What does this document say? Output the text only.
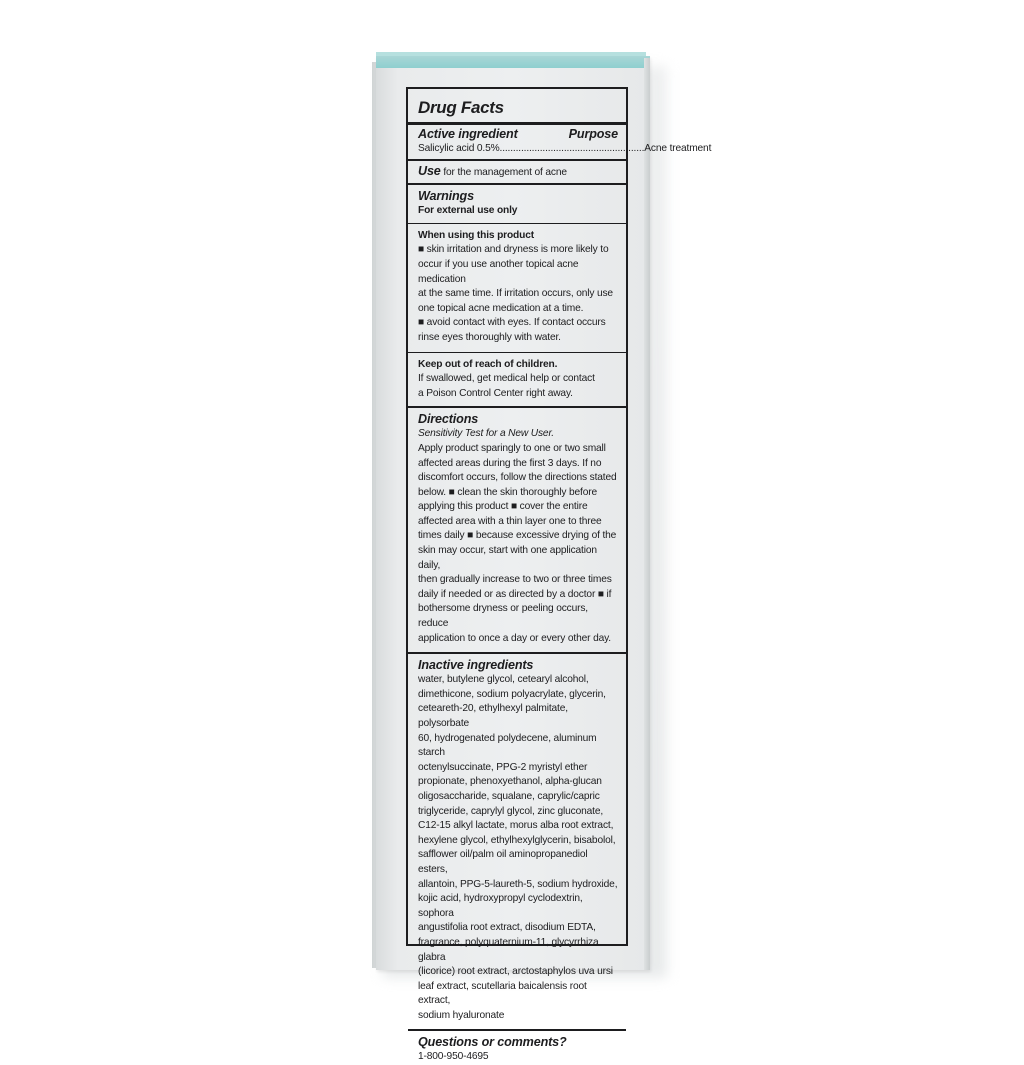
Drug Facts
Active ingredient	Purpose
Salicylic acid 0.5% ...................................................... Acne treatment
Use for the management of acne
Warnings

For external use only

When using this product

■ skin irritation and dryness is more likely to

occur if you use another topical acne medication

at the same time. If irritation occurs, only use

one topical acne medication at a time.

■ avoid contact with eyes. If contact occurs

rinse eyes thoroughly with water.

Keep out of reach of children.

If swallowed, get medical help or contact

a Poison Control Center right away.

Directions

Sensitivity Test for a New User.

Apply product sparingly to one or two small

affected areas during the first 3 days. If no

discomfort occurs, follow the directions stated

below. ■ clean the skin thoroughly before

applying this product ■ cover the entire

affected area with a thin layer one to three

times daily ■ because excessive drying of the

skin may occur, start with one application daily,

then gradually increase to two or three times

daily if needed or as directed by a doctor ■ if

bothersome dryness or peeling occurs, reduce

application to once a day or every other day.

Inactive ingredients

water, butylene glycol, cetearyl alcohol,

dimethicone, sodium polyacrylate, glycerin,

ceteareth-20, ethylhexyl palmitate, polysorbate

60, hydrogenated polydecene, aluminum starch

octenylsuccinate, PPG-2 myristyl ether

propionate, phenoxyethanol, alpha-glucan

oligosaccharide, squalane, caprylic/capric

triglyceride, caprylyl glycol, zinc gluconate,

C12-15 alkyl lactate, morus alba root extract,

hexylene glycol, ethylhexylglycerin, bisabolol,

safflower oil/palm oil aminopropanediol esters,

allantoin, PPG-5-laureth-5, sodium hydroxide,

kojic acid, hydroxypropyl cyclodextrin, sophora

angustifolia root extract, disodium EDTA,

fragrance, polyquaternium-11, glycyrrhiza glabra

(licorice) root extract, arctostaphylos uva ursi

leaf extract, scutellaria baicalensis root extract,

sodium hyaluronate

Questions or comments?

1-800-950-4695
